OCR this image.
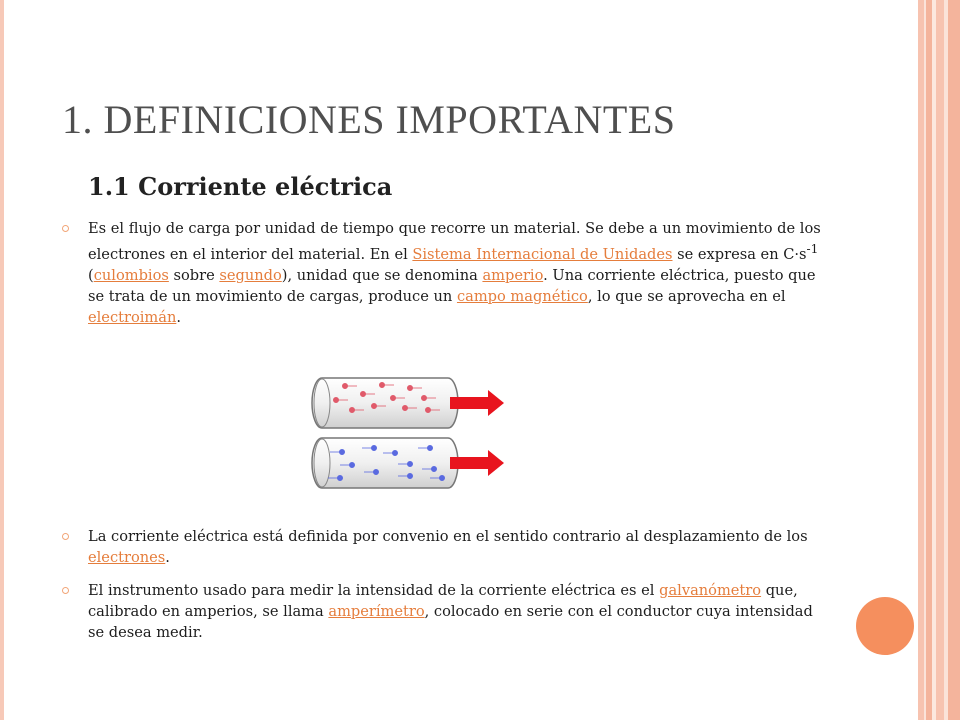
1. DEFINICIONES IMPORTANTES
1.1 Corriente eléctrica
Es el flujo de carga por unidad de tiempo que recorre un material. Se debe a un movimiento de los electrones en el interior del material. En el Sistema Internacional de Unidades se expresa en $C\cdot s^{-1}$ (culombios sobre segundo), unidad que se denomina amperio. Una corriente eléctrica, puesto que se trata de un movimiento de cargas, produce un campo magnético, lo que se aprovecha en el electroimán.
La corriente eléctrica está definida por convenio en el sentido contrario al desplazamiento de los electrones.
El instrumento usado para medir la intensidad de la corriente eléctrica es el galvanómetro que, calibrado en amperios, se llama amperímetro, colocado en serie con el conductor cuya intensidad se desea medir.
